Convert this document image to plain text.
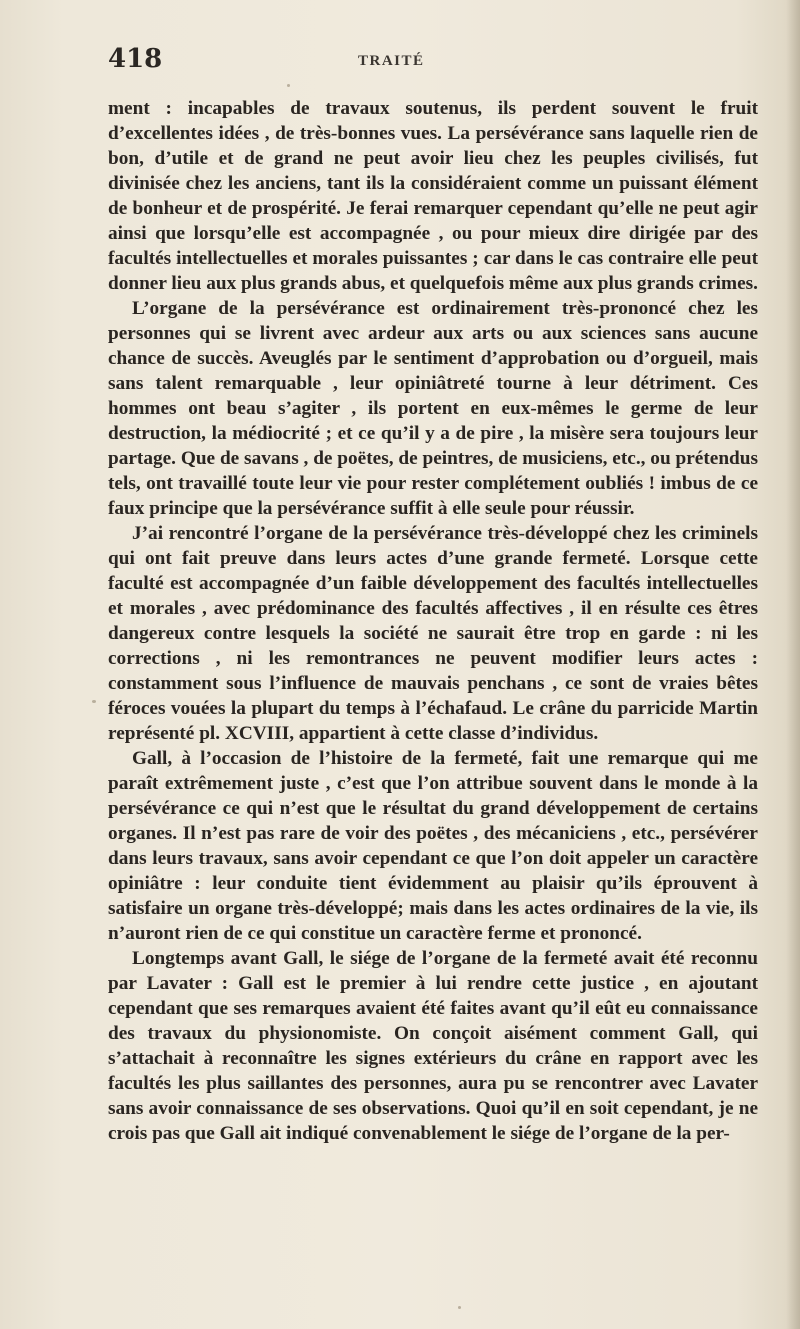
418	TRAITÉ

ment : incapables de travaux soutenus, ils perdent souvent le fruit d’excellentes idées , de très-bonnes vues. La persévérance sans laquelle rien de bon, d’utile et de grand ne peut avoir lieu chez les peuples civilisés, fut divinisée chez les anciens, tant ils la considéraient comme un puissant élément de bonheur et de prospérité. Je ferai remarquer cependant qu’elle ne peut agir ainsi que lorsqu’elle est accompagnée , ou pour mieux dire dirigée par des facultés intellectuelles et morales puissantes ; car dans le cas contraire elle peut donner lieu aux plus grands abus, et quelquefois même aux plus grands crimes.

L’organe de la persévérance est ordinairement très-prononcé chez les personnes qui se livrent avec ardeur aux arts ou aux sciences sans aucune chance de succès. Aveuglés par le sentiment d’approbation ou d’orgueil, mais sans talent remarquable , leur opiniâtreté tourne à leur détriment. Ces hommes ont beau s’agiter , ils portent en eux-mêmes le germe de leur destruction, la médiocrité ; et ce qu’il y a de pire , la misère sera toujours leur partage. Que de savans , de poëtes, de peintres, de musiciens, etc., ou prétendus tels, ont travaillé toute leur vie pour rester complétement oubliés ! imbus de ce faux principe que la persévérance suffit à elle seule pour réussir.

J’ai rencontré l’organe de la persévérance très-développé chez les criminels qui ont fait preuve dans leurs actes d’une grande fermeté. Lorsque cette faculté est accompagnée d’un faible développement des facultés intellectuelles et morales , avec prédominance des facultés affectives , il en résulte ces êtres dangereux contre lesquels la société ne saurait être trop en garde : ni les corrections , ni les remontrances ne peuvent modifier leurs actes : constamment sous l’influence de mauvais penchans , ce sont de vraies bêtes féroces vouées la plupart du temps à l’échafaud. Le crâne du parricide Martin représenté pl. XCVIII, appartient à cette classe d’individus.

Gall, à l’occasion de l’histoire de la fermeté, fait une remarque qui me paraît extrêmement juste , c’est que l’on attribue souvent dans le monde à la persévérance ce qui n’est que le résultat du grand développement de certains organes. Il n’est pas rare de voir des poëtes , des mécaniciens , etc., persévérer dans leurs travaux, sans avoir cependant ce que l’on doit appeler un caractère opiniâtre : leur conduite tient évidemment au plaisir qu’ils éprouvent à satisfaire un organe très-développé; mais dans les actes ordinaires de la vie, ils n’auront rien de ce qui constitue un caractère ferme et prononcé.

Longtemps avant Gall, le siége de l’organe de la fermeté avait été reconnu par Lavater : Gall est le premier à lui rendre cette justice , en ajoutant cependant que ses remarques avaient été faites avant qu’il eût eu connaissance des travaux du physionomiste. On conçoit aisément comment Gall, qui s’attachait à reconnaître les signes extérieurs du crâne en rapport avec les facultés les plus saillantes des personnes, aura pu se rencontrer avec Lavater sans avoir connaissance de ses observations. Quoi qu’il en soit cependant, je ne crois pas que Gall ait indiqué convenablement le siége de l’organe de la per-
